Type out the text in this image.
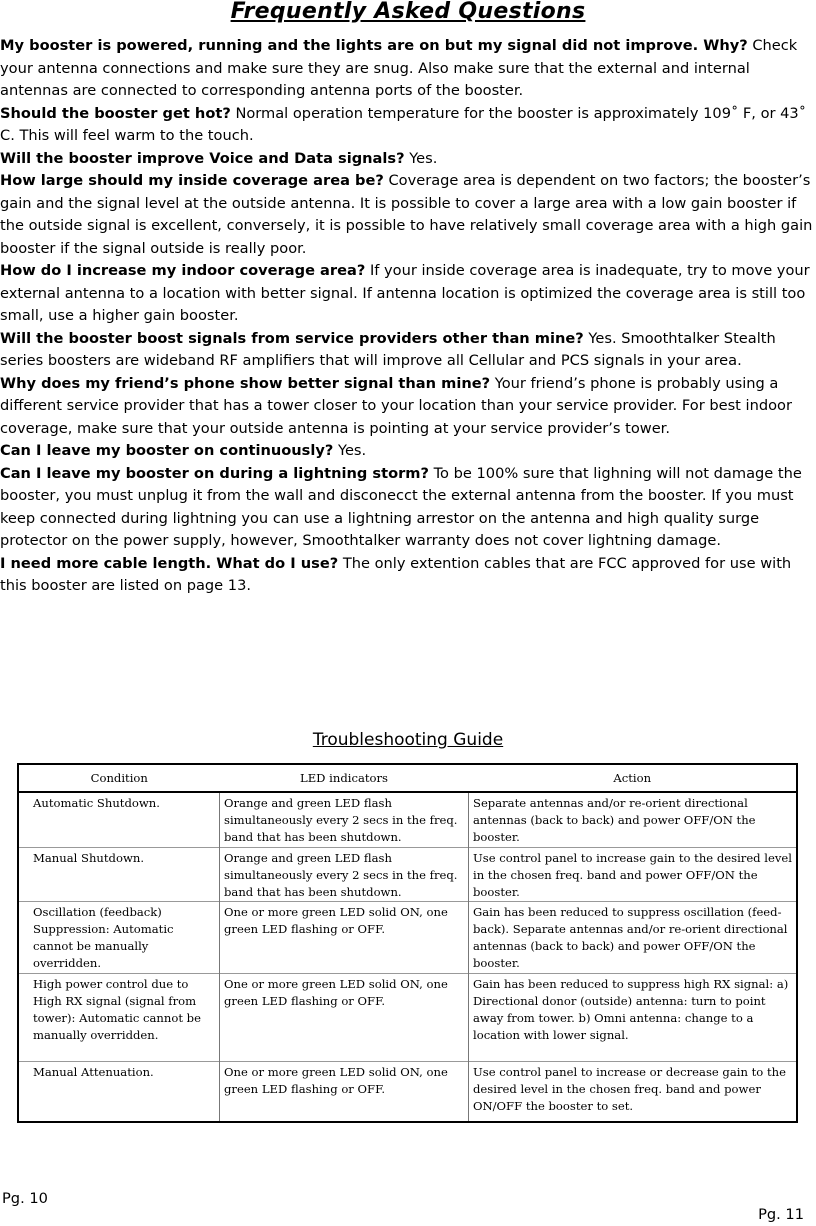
Frequently Asked Questions

My booster is powered, running and the lights are on but my signal did not improve. Why? Check your antenna connections and make sure they are snug. Also make sure that the external and internal antennas are connected to corresponding antenna ports of the booster.

Should the booster get hot? Normal operation temperature for the booster is approximately 109˚ F, or 43˚ C. This will feel warm to the touch.

Will the booster improve Voice and Data signals? Yes.

How large should my inside coverage area be? Coverage area is dependent on two factors; the booster’s gain and the signal level at the outside antenna. It is possible to cover a large area with a low gain booster if the outside signal is excellent, conversely, it is possible to have relatively small coverage area with a high gain booster if the signal outside is really poor.

How do I increase my indoor coverage area? If your inside coverage area is inadequate, try to move your external antenna to a location with better signal. If antenna location is optimized the coverage area is still too small, use a higher gain booster.

Will the booster boost signals from service providers other than mine? Yes. Smoothtalker Stealth series boosters are wideband RF amplifiers that will improve all Cellular and PCS signals in your area.

Why does my friend’s phone show better signal than mine? Your friend’s phone is probably using a different service provider that has a tower closer to your location than your service provider. For best indoor coverage, make sure that your outside antenna is pointing at your service provider’s tower.

Can I leave my booster on continuously? Yes.

Can I leave my booster on during a lightning storm? To be 100% sure that lighning will not damage the booster, you must unplug it from the wall and disconecct the external antenna from the booster. If you must keep connected during lightning you can use a lightning arrestor on the antenna and high quality surge protector on the power supply, however, Smoothtalker warranty does not cover lightning damage.

I need more cable length. What do I use? The only extention cables that are FCC approved for use with this booster are listed on page 13.

Troubleshooting Guide
Condition	LED indicators	Action
Automatic Shutdown.	Orange and green LED flash simultaneously every 2 secs in the freq. band that has been shutdown.	Separate antennas and/or re-orient directional antennas (back to back) and power OFF/ON the booster.
Manual Shutdown.	Orange and green LED flash simultaneously every 2 secs in the freq. band that has been shutdown.	Use control panel to increase gain to the desired level in the chosen freq. band and power OFF/ON the booster.
Oscillation (feedback) Suppression: Automatic cannot be manually overridden.	One or more green LED solid ON, one green LED flashing or OFF.	Gain has been reduced to suppress oscillation (feed-back). Separate antennas and/or re-orient directional antennas (back to back) and power OFF/ON the booster.
High power control due to High RX signal (signal from tower): Automatic cannot be manually overridden.	One or more green LED solid ON, one green LED flashing or OFF.	Gain has been reduced to suppress high RX signal: a) Directional donor (outside) antenna: turn to point away from tower. b) Omni antenna: change to a location with lower signal.
Manual Attenuation.	One or more green LED solid ON, one green LED flashing or OFF.	Use control panel to increase or decrease gain to the desired level in the chosen freq. band and power ON/OFF the booster to set.
Pg. 10
Pg. 11
